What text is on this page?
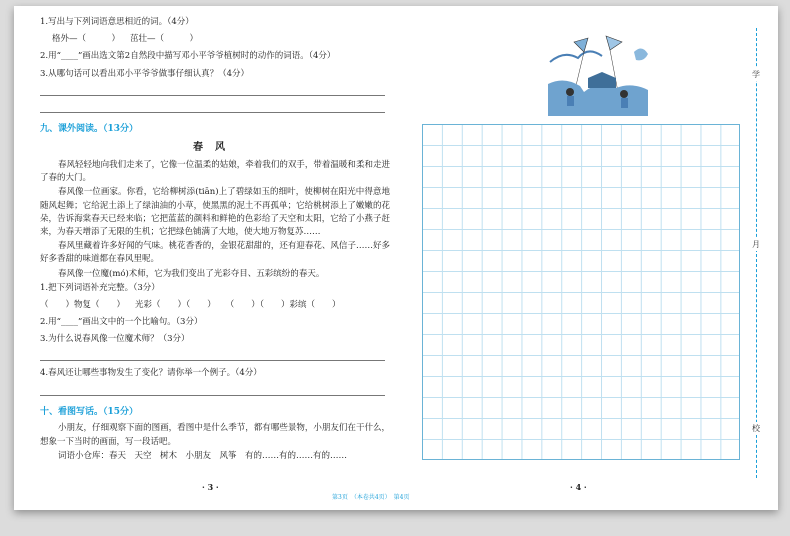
1.写出与下列词语意思相近的词。（4分）

格外—（　　　） 茁壮—（　　　）

2.用“____”画出选文第2自然段中描写邓小平爷爷植树时的动作的词语。（4分）

3.从哪句话可以看出邓小平爷爷做事仔细认真？（4分）

九、课外阅读。（13分）
春风

春风轻轻地向我们走来了，它像一位温柔的姑娘，牵着我们的双手，带着温暖和柔和走进了春的大门。

春风像一位画家。你看，它给柳树添(tiān)上了碧绿如玉的细叶，使柳树在阳光中得意地随风起舞；它给泥土添上了绿油油的小草，使黑黑的泥土不再孤单；它给桃树添上了嫩嫩的花朵，告诉海棠春天已经来临；它把蓝蓝的颜料和鲜艳的色彩给了天空和太阳，它给了小燕子赶来，为春天增添了无限的生机；它把绿色铺满了大地，使大地万物复苏……

春风里藏着许多好闻的气味。桃花香香的，金银花甜甜的，还有迎春花、风信子……好多好多香甜的味道都在春风里呢。

春风像一位魔(mó)术师，它为我们变出了光彩夺目、五彩缤纷的春天。

1.把下列词语补充完整。（3分）

（　　）物复（　　） 光彩（　　）（　　） （　　）（　　）彩缤（　　）

2.用“____”画出文中的一个比喻句。（3分）

3.为什么说春风像一位魔术师？（3分）

4.春风还让哪些事物发生了变化？请你举一个例子。（4分）

十、看图写话。（15分）

小朋友，仔细观察下面的图画，看图中是什么季节，都有哪些景物，小朋友们在干什么，想象一下当时的画面，写一段话吧。

词语小仓库：春天　天空　树木　小朋友　风筝　有的……有的……有的……

· 3 ·
第3页　（本卷共4页）　第4页
· 4 ·
学
月
校
